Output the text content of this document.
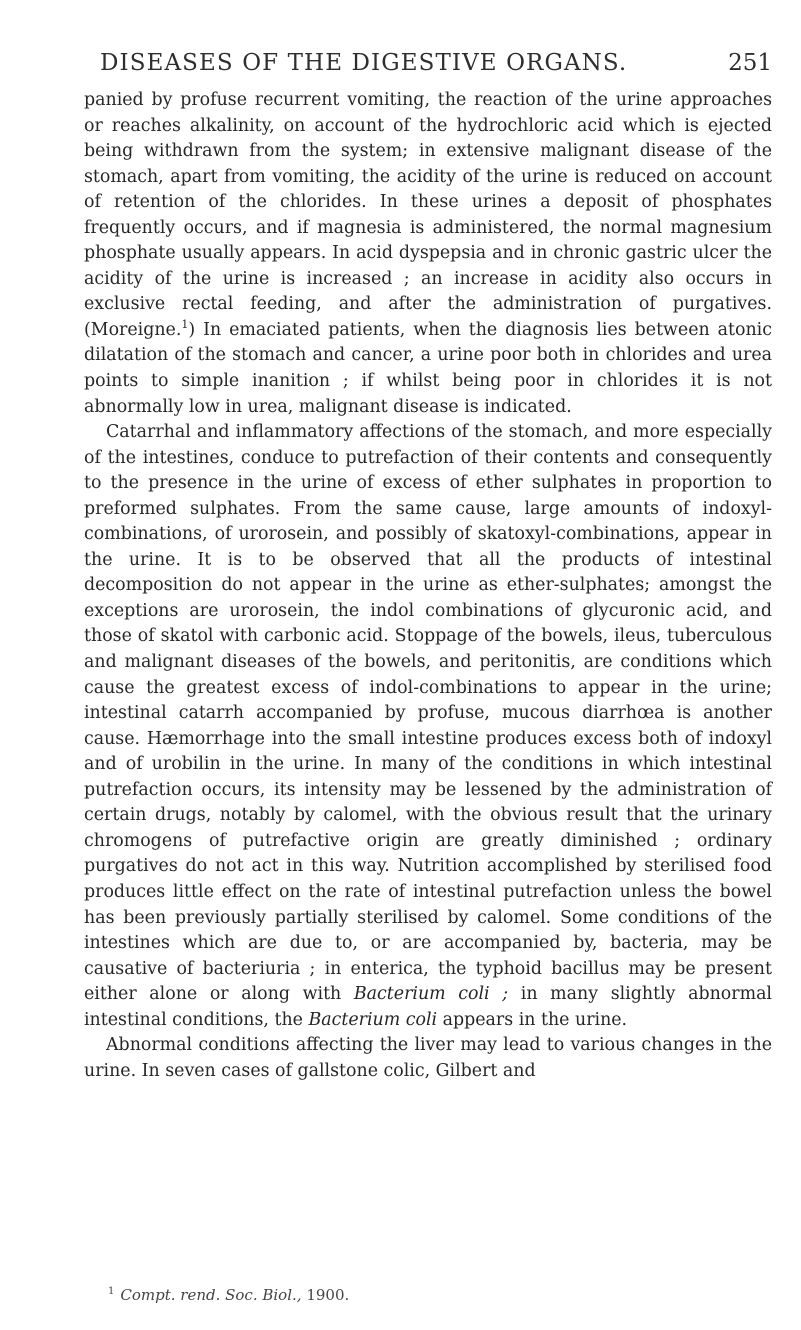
DISEASES OF THE DIGESTIVE ORGANS.	251

panied by profuse recurrent vomiting, the reaction of the urine approaches or reaches alkalinity, on account of the hydrochloric acid which is ejected being withdrawn from the system; in extensive malignant disease of the stomach, apart from vomiting, the acidity of the urine is reduced on account of retention of the chlorides. In these urines a deposit of phosphates frequently occurs, and if magnesia is administered, the normal magnesium phosphate usually appears. In acid dyspepsia and in chronic gastric ulcer the acidity of the urine is increased ; an increase in acidity also occurs in exclusive rectal feeding, and after the administration of purgatives. (Moreigne.$^1$) In emaciated patients, when the diagnosis lies between atonic dilatation of the stomach and cancer, a urine poor both in chlorides and urea points to simple inanition ; if whilst being poor in chlorides it is not abnormally low in urea, malignant disease is indicated.

Catarrhal and inflammatory affections of the stomach, and more especially of the intestines, conduce to putrefaction of their contents and consequently to the presence in the urine of excess of ether sulphates in proportion to preformed sulphates. From the same cause, large amounts of indoxyl-combinations, of urorosein, and possibly of skatoxyl-combinations, appear in the urine. It is to be observed that all the products of intestinal decomposition do not appear in the urine as ether-sulphates; amongst the exceptions are urorosein, the indol combinations of glycuronic acid, and those of skatol with carbonic acid. Stoppage of the bowels, ileus, tuberculous and malignant diseases of the bowels, and peritonitis, are conditions which cause the greatest excess of indol-combinations to appear in the urine; intestinal catarrh accompanied by profuse, mucous diarrhœa is another cause. Hæmorrhage into the small intestine produces excess both of indoxyl and of urobilin in the urine. In many of the conditions in which intestinal putrefaction occurs, its intensity may be lessened by the administration of certain drugs, notably by calomel, with the obvious result that the urinary chromogens of putrefactive origin are greatly diminished ; ordinary purgatives do not act in this way. Nutrition accomplished by sterilised food produces little effect on the rate of intestinal putrefaction unless the bowel has been previously partially sterilised by calomel. Some conditions of the intestines which are due to, or are accompanied by, bacteria, may be causative of bacteriuria ; in enterica, the typhoid bacillus may be present either alone or along with Bacterium coli ; in many slightly abnormal intestinal conditions, the Bacterium coli appears in the urine.

Abnormal conditions affecting the liver may lead to various changes in the urine. In seven cases of gallstone colic, Gilbert and

$^1$ Compt. rend. Soc. Biol., 1900.
